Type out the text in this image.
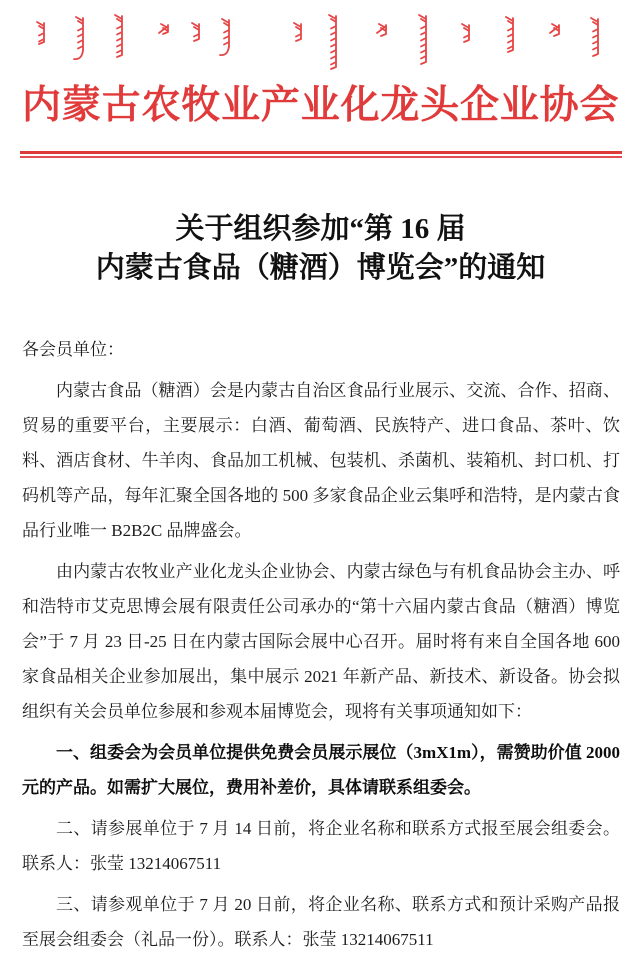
内蒙古农牧业产业化龙头企业协会
关于组织参加“第 16 届
内蒙古食品（糖酒）博览会”的通知

各会员单位：

内蒙古食品（糖酒）会是内蒙古自治区食品行业展示、交流、合作、招商、贸易的重要平台，主要展示：白酒、葡萄酒、民族特产、进口食品、茶叶、饮料、酒店食材、牛羊肉、食品加工机械、包装机、杀菌机、装箱机、封口机、打码机等产品，每年汇聚全国各地的 500 多家食品企业云集呼和浩特，是内蒙古食品行业唯一 B2B2C 品牌盛会。

由内蒙古农牧业产业化龙头企业协会、内蒙古绿色与有机食品协会主办、呼和浩特市艾克思博会展有限责任公司承办的“第十六届内蒙古食品（糖酒）博览会”于 7 月 23 日-25 日在内蒙古国际会展中心召开。届时将有来自全国各地 600 家食品相关企业参加展出，集中展示 2021 年新产品、新技术、新设备。协会拟组织有关会员单位参展和参观本届博览会，现将有关事项通知如下：

一、组委会为会员单位提供免费会员展示展位（3mX1m），需赞助价值 2000 元的产品。如需扩大展位，费用补差价，具体请联系组委会。

二、请参展单位于 7 月 14 日前，将企业名称和联系方式报至展会组委会。联系人：张莹 13214067511

三、请参观单位于 7 月 20 日前，将企业名称、联系方式和预计采购产品报至展会组委会（礼品一份）。联系人：张莹 13214067511
